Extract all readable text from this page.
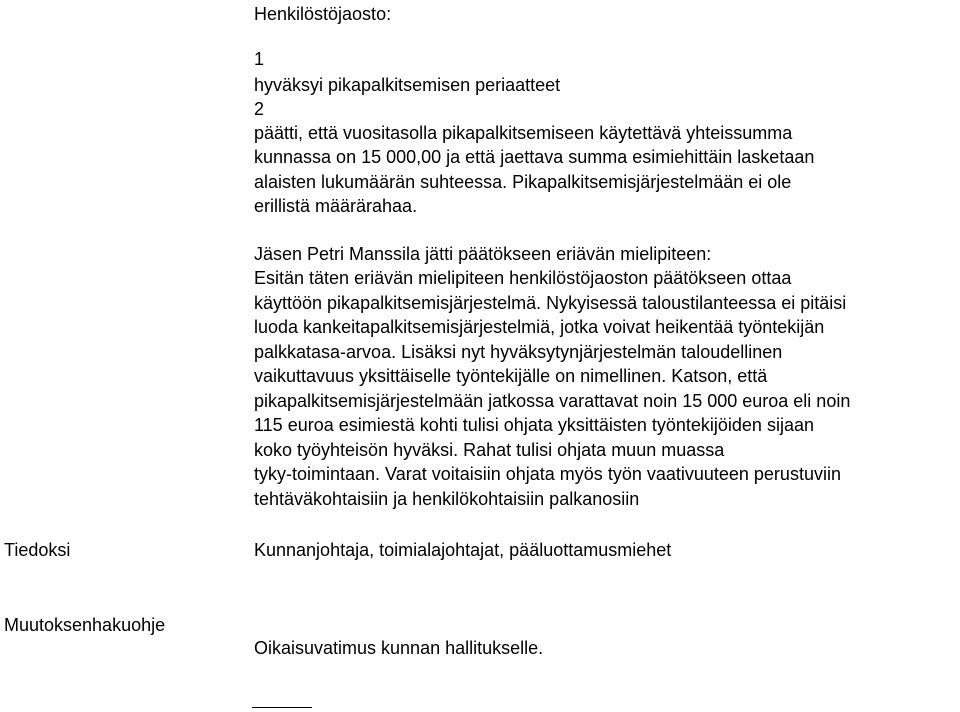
Henkilöstöjaosto:
1
hyväksyi pikapalkitsemisen periaatteet
2
päätti, että vuositasolla pikapalkitsemiseen käytettävä yhteissumma
kunnassa on 15 000,00 ja että jaettava summa esimiehittäin lasketaan
alaisten lukumäärän suhteessa. Pikapalkitsemisjärjestelmään ei ole
erillistä määrärahaa.
Jäsen Petri Manssila jätti päätökseen eriävän mielipiteen:
Esitän täten eriävän mielipiteen henkilöstöjaoston päätökseen ottaa
käyttöön pikapalkitsemisjärjestelmä. Nykyisessä taloustilanteessa ei pitäisi
luoda kankeitapalkitsemisjärjestelmiä, jotka voivat heikentää työntekijän
palkkatasa-arvoa. Lisäksi nyt hyväksytynjärjestelmän taloudellinen
vaikuttavuus yksittäiselle työntekijälle on nimellinen. Katson, että
pikapalkitsemisjärjestelmään jatkossa varattavat noin 15 000 euroa eli noin
115 euroa esimiestä kohti tulisi ohjata yksittäisten työntekijöiden sijaan
koko työyhteisön hyväksi. Rahat tulisi ohjata muun muassa
tyky-toimintaan. Varat voitaisiin ohjata myös työn vaativuuteen perustuviin
tehtäväkohtaisiin ja henkilökohtaisiin palkanosiin
Tiedoksi	Kunnanjohtaja, toimialajohtajat, pääluottamusmiehet
Muutoksenhakuohje
Oikaisuvatimus kunnan hallitukselle.
